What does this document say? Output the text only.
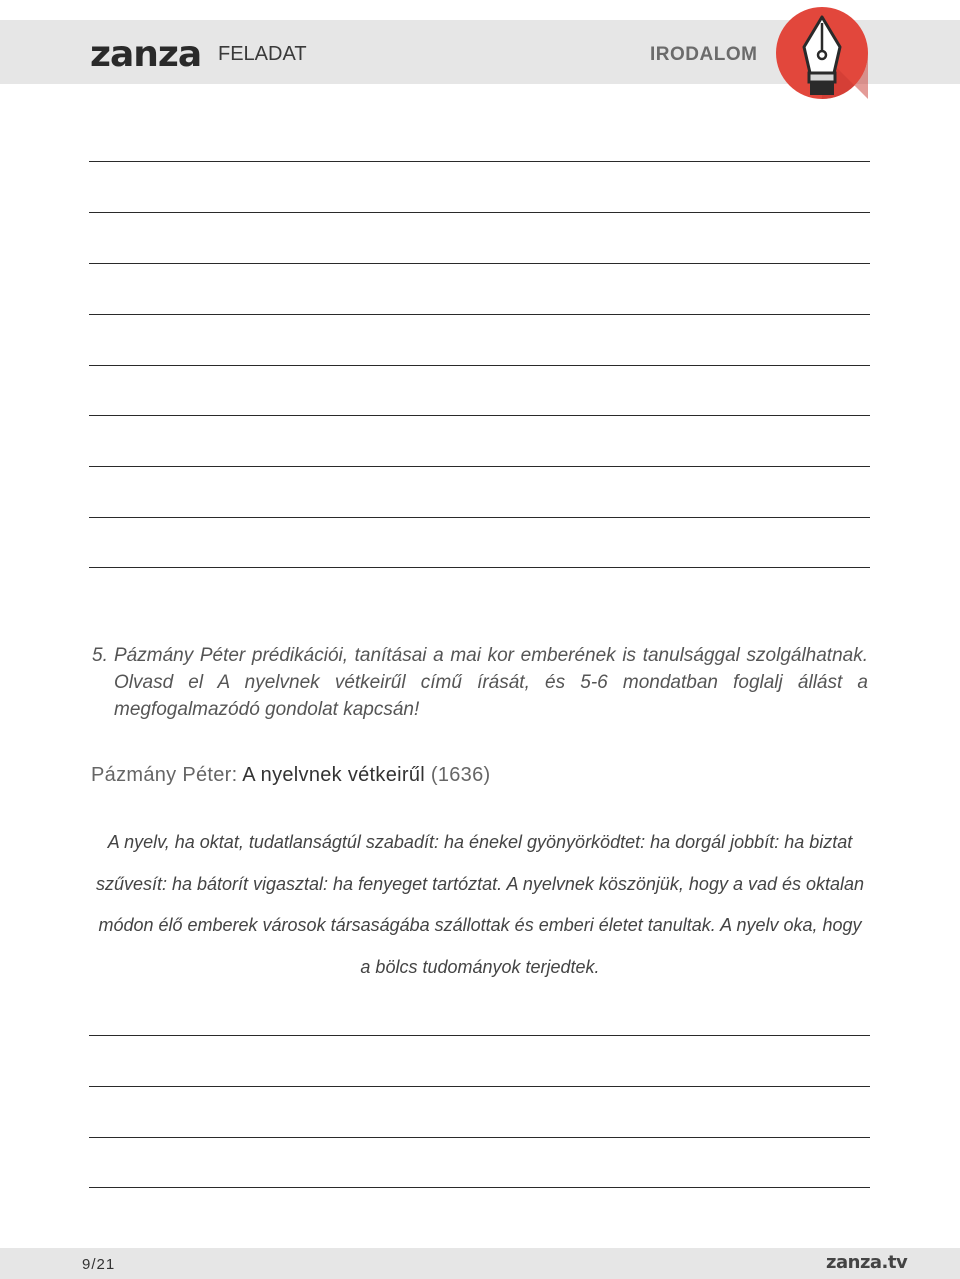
zanza FELADAT	IRODALOM
5. Pázmány Péter prédikációi, tanításai a mai kor emberének is tanulsággal szolgálhatnak. Olvasd el A nyelvnek vétkeirűl című írását, és 5-6 mondatban foglalj állást a megfogalmazódó gondolat kapcsán!
Pázmány Péter: A nyelvnek vétkeirűl (1636)
A nyelv, ha oktat, tudatlanságtúl szabadít: ha énekel gyönyörködtet: ha dorgál jobbít: ha biztat szűvesít: ha bátorít vigasztal: ha fenyeget tartóztat. A nyelvnek köszönjük, hogy a vad és oktalan módon élő emberek városok társaságába szállottak és emberi életet tanultak. A nyelv oka, hogy a bölcs tudományok terjedtek.
9/21	zanza.tv
